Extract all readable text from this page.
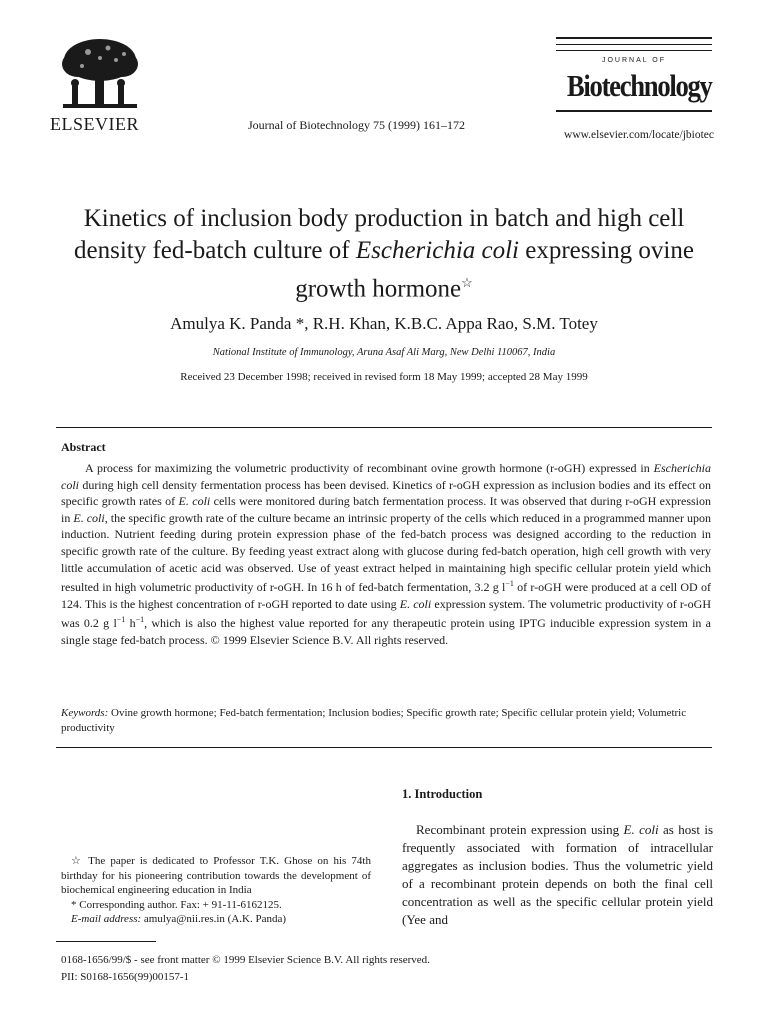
ELSEVIER	Journal of Biotechnology 75 (1999) 161–172
JOURNAL OF
Biotechnology
www.elsevier.com/locate/jbiotec
Kinetics of inclusion body production in batch and high cell density fed-batch culture of Escherichia coli expressing ovine growth hormone☆
Amulya K. Panda *, R.H. Khan, K.B.C. Appa Rao, S.M. Totey
National Institute of Immunology, Aruna Asaf Ali Marg, New Delhi 110067, India
Received 23 December 1998; received in revised form 18 May 1999; accepted 28 May 1999
Abstract
A process for maximizing the volumetric productivity of recombinant ovine growth hormone (r-oGH) expressed in Escherichia coli during high cell density fermentation process has been devised. Kinetics of r-oGH expression as inclusion bodies and its effect on specific growth rates of E. coli cells were monitored during batch fermentation process. It was observed that during r-oGH expression in E. coli, the specific growth rate of the culture became an intrinsic property of the cells which reduced in a programmed manner upon induction. Nutrient feeding during protein expression phase of the fed-batch process was designed according to the reduction in specific growth rate of the culture. By feeding yeast extract along with glucose during fed-batch operation, high cell growth with very little accumulation of acetic acid was observed. Use of yeast extract helped in maintaining high specific cellular protein yield which resulted in high volumetric productivity of r-oGH. In 16 h of fed-batch fermentation, 3.2 g $l^{-1}$ of r-oGH were produced at a cell OD of 124. This is the highest concentration of r-oGH reported to date using E. coli expression system. The volumetric productivity of r-oGH was 0.2 g $l^{-1}$ $h^{-1}$, which is also the highest value reported for any therapeutic protein using IPTG inducible expression system in a single stage fed-batch process. © 1999 Elsevier Science B.V. All rights reserved.
Keywords: Ovine growth hormone; Fed-batch fermentation; Inclusion bodies; Specific growth rate; Specific cellular protein yield; Volumetric productivity
1. Introduction
Recombinant protein expression using E. coli as host is frequently associated with formation of intracellular aggregates as inclusion bodies. Thus the volumetric yield of a recombinant protein depends on both the final cell concentration as well as the specific cellular protein yield (Yee and

☆ The paper is dedicated to Professor T.K. Ghose on his 74th birthday for his pioneering contribution towards the development of biochemical engineering education in India

* Corresponding author. Fax: + 91-11-6162125.

E-mail address: amulya@nii.res.in (A.K. Panda)

0168-1656/99/$ - see front matter © 1999 Elsevier Science B.V. All rights reserved.
PII: S0168-1656(99)00157-1
